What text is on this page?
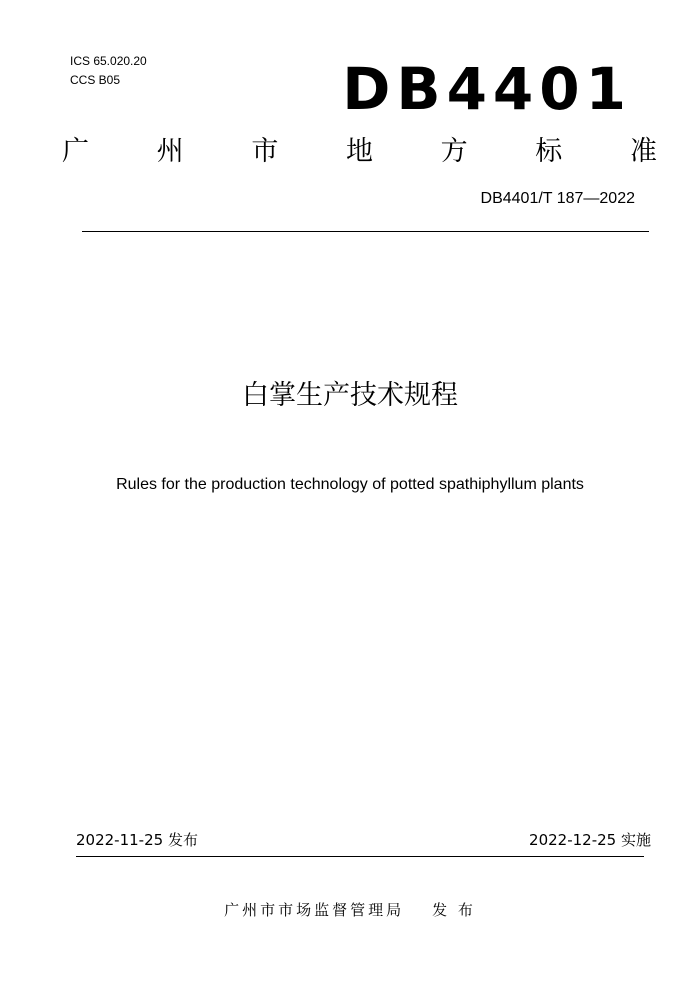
ICS 65.020.20
CCS B05	DB4401
广	州	市	地	方	标	准
DB4401/T 187—2022
白掌生产技术规程
Rules for the production technology of potted spathiphyllum plants
2022-11-25 发布	2022-12-25 实施
广州市市场监督管理局 发 布
